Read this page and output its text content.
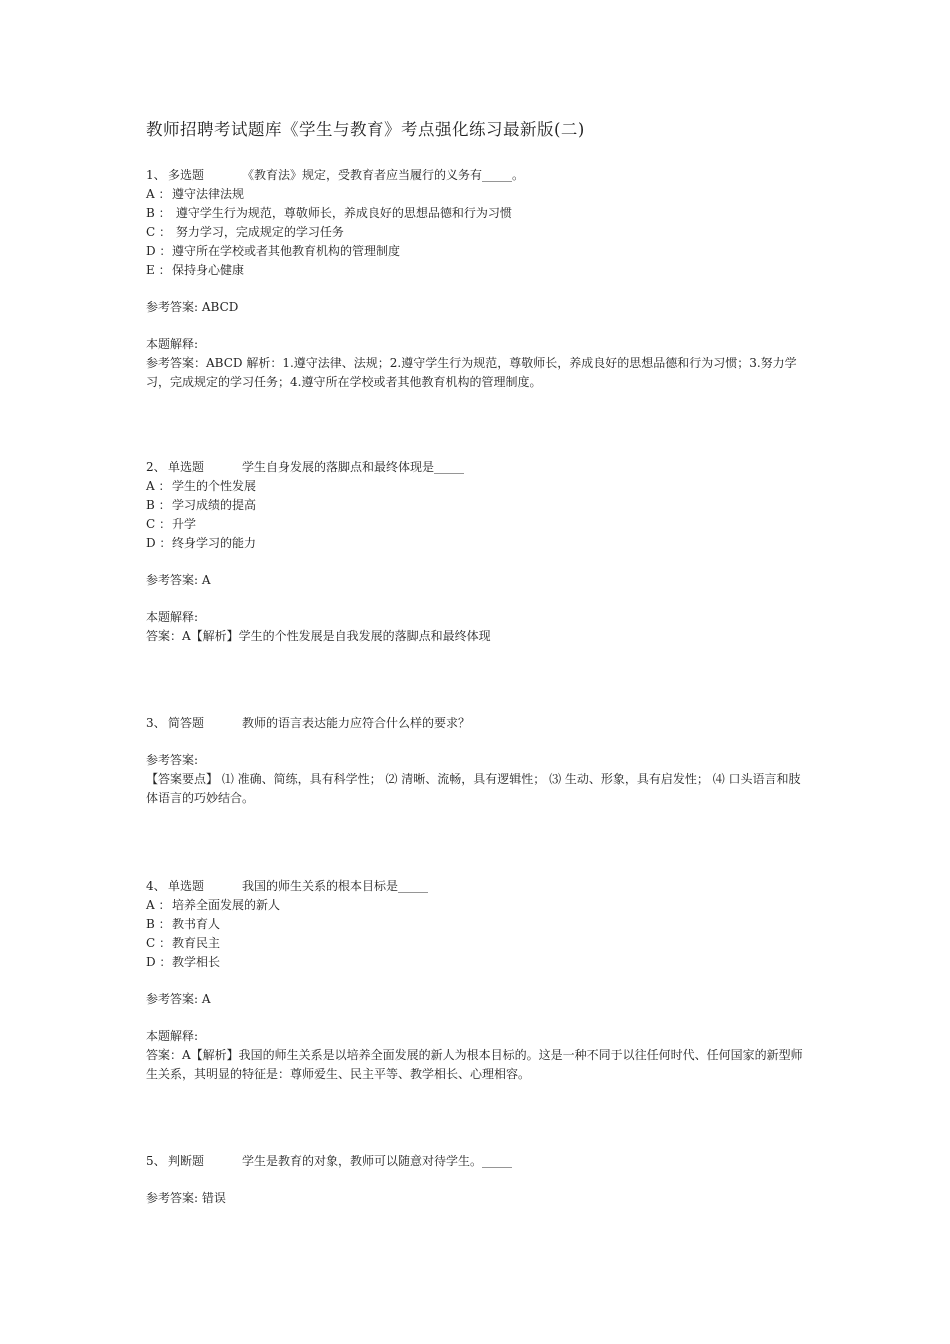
教师招聘考试题库《学生与教育》考点强化练习最新版(二)
1、 多选题	《教育法》规定，受教育者应当履行的义务有_____。
A ： 遵守法律法规
B ： 遵守学生行为规范，尊敬师长，养成良好的思想品德和行为习惯
C ： 努力学习，完成规定的学习任务
D ：遵守所在学校或者其他教育机构的管理制度
E ：保持身心健康
参考答案: ABCD
本题解释:
参考答案：ABCD 解析：1.遵守法律、法规；2.遵守学生行为规范，尊敬师长，养成良好的思想品德和行为习惯；3.努力学习，完成规定的学习任务；4.遵守所在学校或者其他教育机构的管理制度。
2、 单选题	学生自身发展的落脚点和最终体现是_____
A ： 学生的个性发展
B ：学习成绩的提高
C ：升学
D ：终身学习的能力
参考答案: A
本题解释:
答案：A【解析】学生的个性发展是自我发展的落脚点和最终体现
3、 简答题	教师的语言表达能力应符合什么样的要求？
参考答案:
【答案要点】 ⑴ 准确、简练，具有科学性； ⑵ 清晰、流畅，具有逻辑性； ⑶ 生动、形象，具有启发性； ⑷ 口头语言和肢体语言的巧妙结合。
4、 单选题	我国的师生关系的根本目标是_____
A ： 培养全面发展的新人
B ：教书育人
C ：教育民主
D ：教学相长
参考答案: A
本题解释:
答案：A【解析】我国的师生关系是以培养全面发展的新人为根本目标的。这是一种不同于以往任何时代、任何国家的新型师生关系，其明显的特征是：尊师爱生、民主平等、教学相长、心理相容。
5、 判断题	学生是教育的对象，教师可以随意对待学生。_____
参考答案: 错误
